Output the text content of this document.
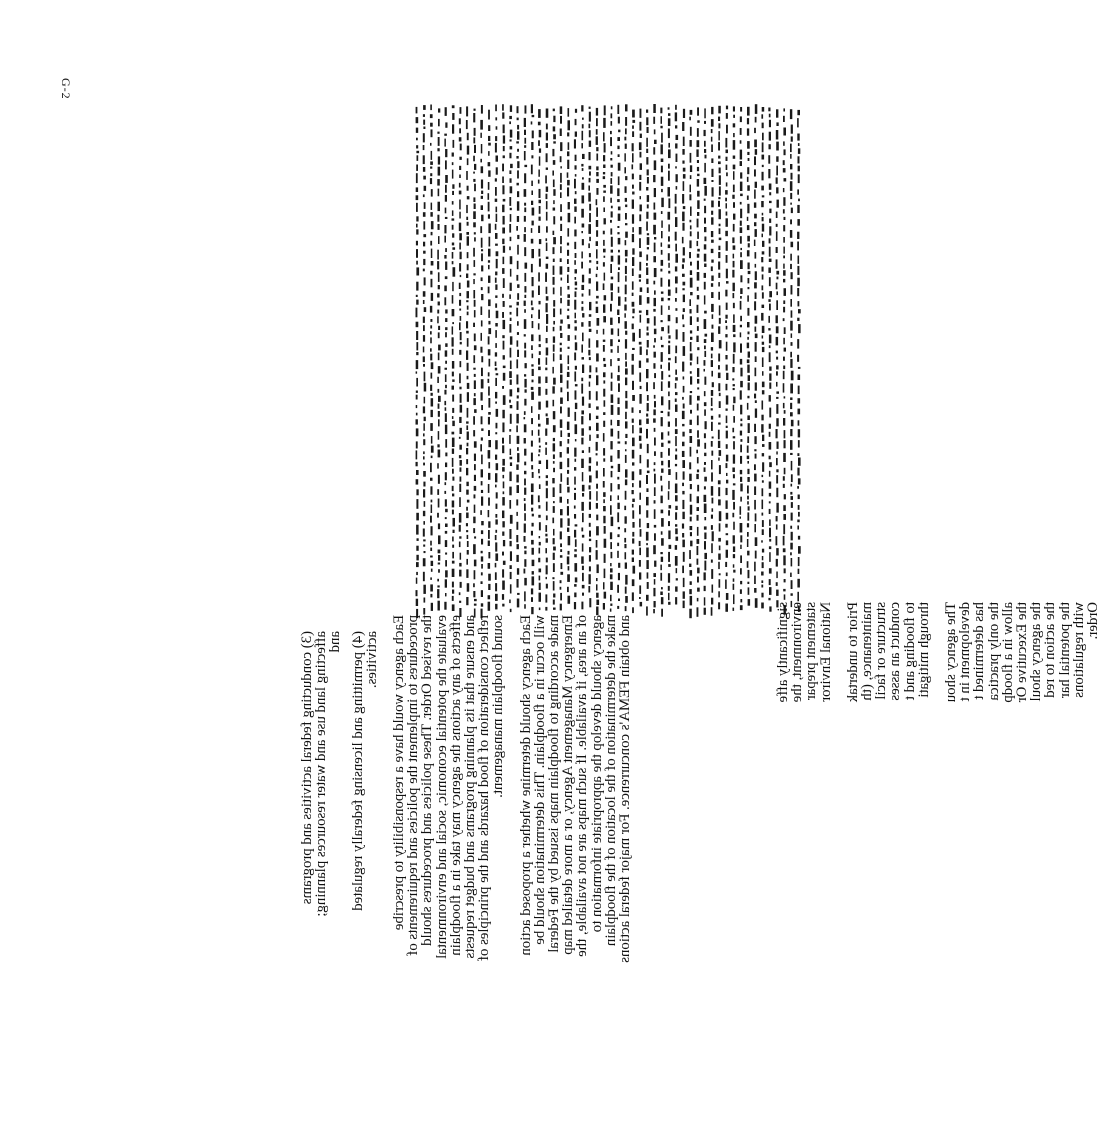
G-2

(3) conducting federal activities and programs

affecting land use and water resources planning;

and (4) permitting and licensing federally regulated

activities. Each agency would have a responsibility to prescribe

procedures to implement the policies and requirements of

the revised Order. These policies and procedures should

evaluate the potential economic, social and environmental

effects of any actions the agency may take in a floodplain

and ensure that its planning programs and budget requests

reflect consideration of flood hazards and the principles of

sound floodplain management. Each agency should determine whether a proposed action

will occur in a floodplain. This determination should be

made according to floodplain maps issued by the Federal

Emergency Management Agency, or a more detailed map

of an area, if available. If such maps are not available, the

agency should develop the appropriate information to

make the determination of the location of the floodplain

and obtain FEMA's concurrence. For major federal actions	significantly affe

environment, the

statement prepar

National Enviror Prior to undertak

maintenance, (th

structure or facil

conduct an asses

to flooding and t

through mitigati The agency shou

development in t

has determined t

the only practica

allow in a floodp

the Executive Or

the agency shoul

the action to red

the potential har

with regulations

Order.
